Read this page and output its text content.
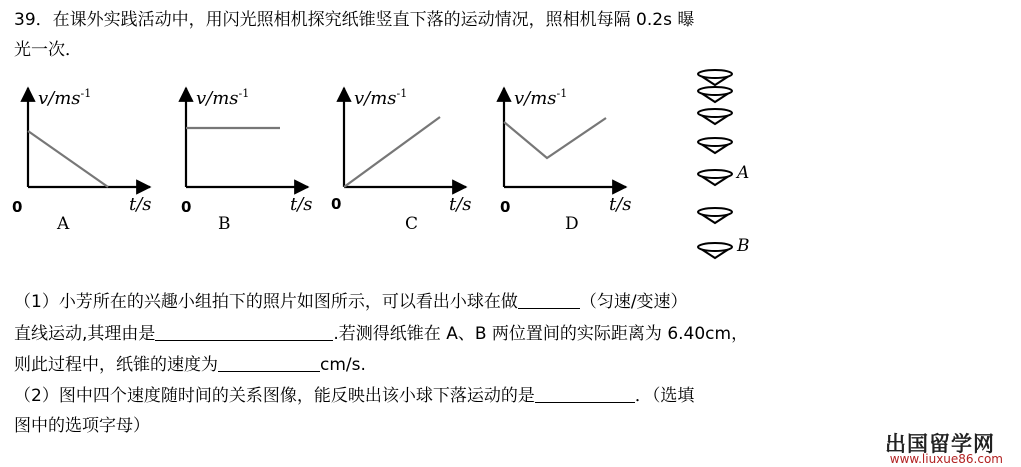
39．在课外实践活动中，用闪光照相机探究纸锥竖直下落的运动情况，照相机每隔 0.2s 曝
光一次．
$v/ms^{-1}$
t/s
0
A
$v/ms^{-1}$
t/s
0
B
$v/ms^{-1}$
t/s
0
C
$v/ms^{-1}$
t/s
0
D
A
B
（1）小芳所在的兴趣小组拍下的照片如图所示，可以看出小球在做	（匀速/变速）
直线运动,其理由是	.若测得纸锥在 A、B 两位置间的实际距离为 6.40cm，
则此过程中，纸锥的速度为	cm/s.
（2）图中四个速度随时间的关系图像，能反映出该小球下落运动的是	．（选填
图中的选项字母）
出国留学网
www.liuxue86.com
